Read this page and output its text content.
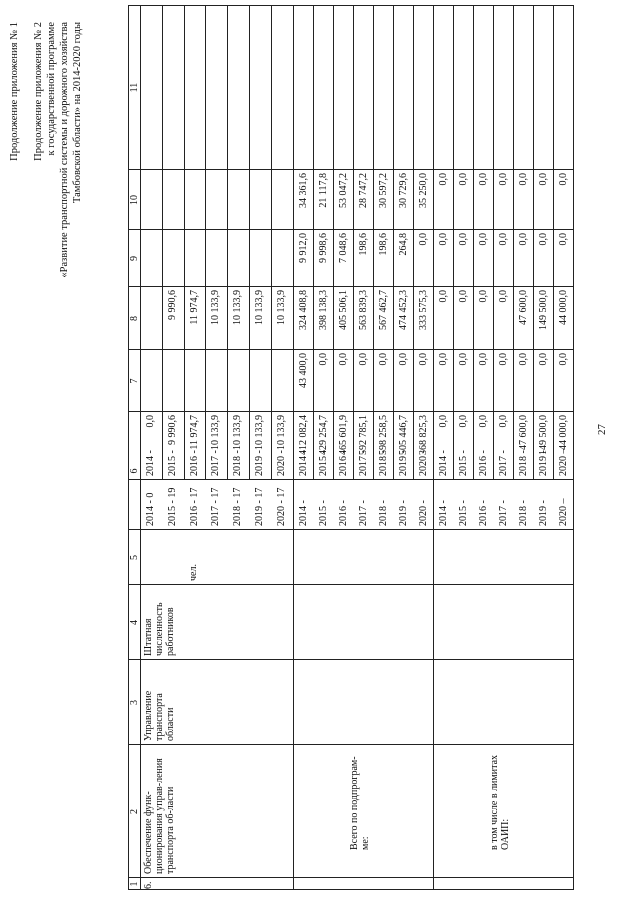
27
Продолжение приложения № 1 Продолжение приложения № 2 к государственной программе «Развитие транспортной системы и дорожного хозяйства Тамбовской области» на 2014-2020 годы
1
2
3
4
5
6
7
8
9
10
11
6.
Обеспечение функ-ционирования управ-ления транспорта об-ласти
Управление транспорта области
Штатная численность работников
чел.
2014 - 0
2014 -
0,0
2015 - 19
2015 -
9 990,6
9 990,6
2016 - 17
2016 -
11 974,7
11 974,7
2017 - 17
2017 -
10 133,9
10 133,9
2018 - 17
2018 -
10 133,9
10 133,9
2019 - 17
2019 -
10 133,9
10 133,9
2020 - 17
2020 -
10 133,9
10 133,9
Всего по подпрограм-ме:
2014 -
2014 -
412 082,4
43 400,0
324 408,8
9 912,0
34 361,6
2015 -
2015 -
429 254,7
0,0
398 138,3
9 998,6
21 117,8
2016 -
2016 -
465 601,9
0,0
405 506,1
7 048,6
53 047,2
2017 -
2017 -
592 785,1
0,0
563 839,3
198,6
28 747,2
2018 -
2018 -
598 258,5
0,0
567 462,7
198,6
30 597,2
2019 -
2019 -
505 446,7
0,0
474 452,3
264,8
30 729,6
2020 -
2020 -
368 825,3
0,0
333 575,3
0,0
35 250,0
в том числе в лимитах ОАИП:
2014 -
2014 -
0,0
0,0
0,0
0,0
0,0
2015 -
2015 -
0,0
0,0
0,0
0,0
0,0
2016 -
2016 -
0,0
0,0
0,0
0,0
0,0
2017 -
2017 -
0,0
0,0
0,0
0,0
0,0
2018 -
2018 -
47 600,0
0,0
47 600,0
0,0
0,0
2019 -
2019 -
149 500,0
0,0
149 500,0
0,0
0,0
2020 –
2020 –
44 000,0
0,0
44 000,0
0,0
0,0
